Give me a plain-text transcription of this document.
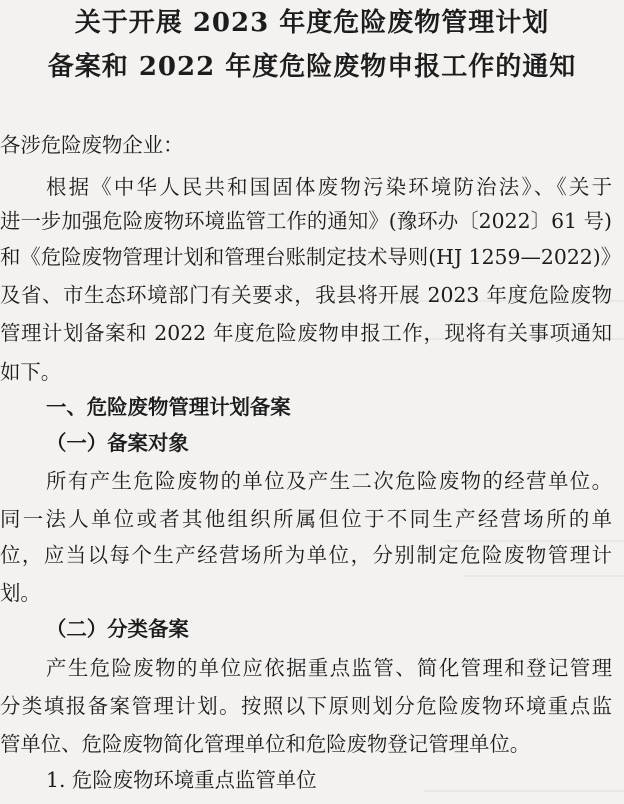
关于开展 2023 年度危险废物管理计划
备案和 2022 年度危险废物申报工作的通知
各涉危险废物企业：
根据《中华人民共和国固体废物污染环境防治法》、《关于
进一步加强危险废物环境监管工作的通知》(豫环办〔2022〕61 号)
和《危险废物管理计划和管理台账制定技术导则(HJ 1259—2022)》
及省、市生态环境部门有关要求，我县将开展 2023 年度危险废物
管理计划备案和 2022 年度危险废物申报工作，现将有关事项通知
如下。
一、危险废物管理计划备案
（一）备案对象
所有产生危险废物的单位及产生二次危险废物的经营单位。
同一法人单位或者其他组织所属但位于不同生产经营场所的单
位，应当以每个生产经营场所为单位，分别制定危险废物管理计
划。
（二）分类备案
产生危险废物的单位应依据重点监管、简化管理和登记管理
分类填报备案管理计划。按照以下原则划分危险废物环境重点监
管单位、危险废物简化管理单位和危险废物登记管理单位。
1. 危险废物环境重点监管单位
